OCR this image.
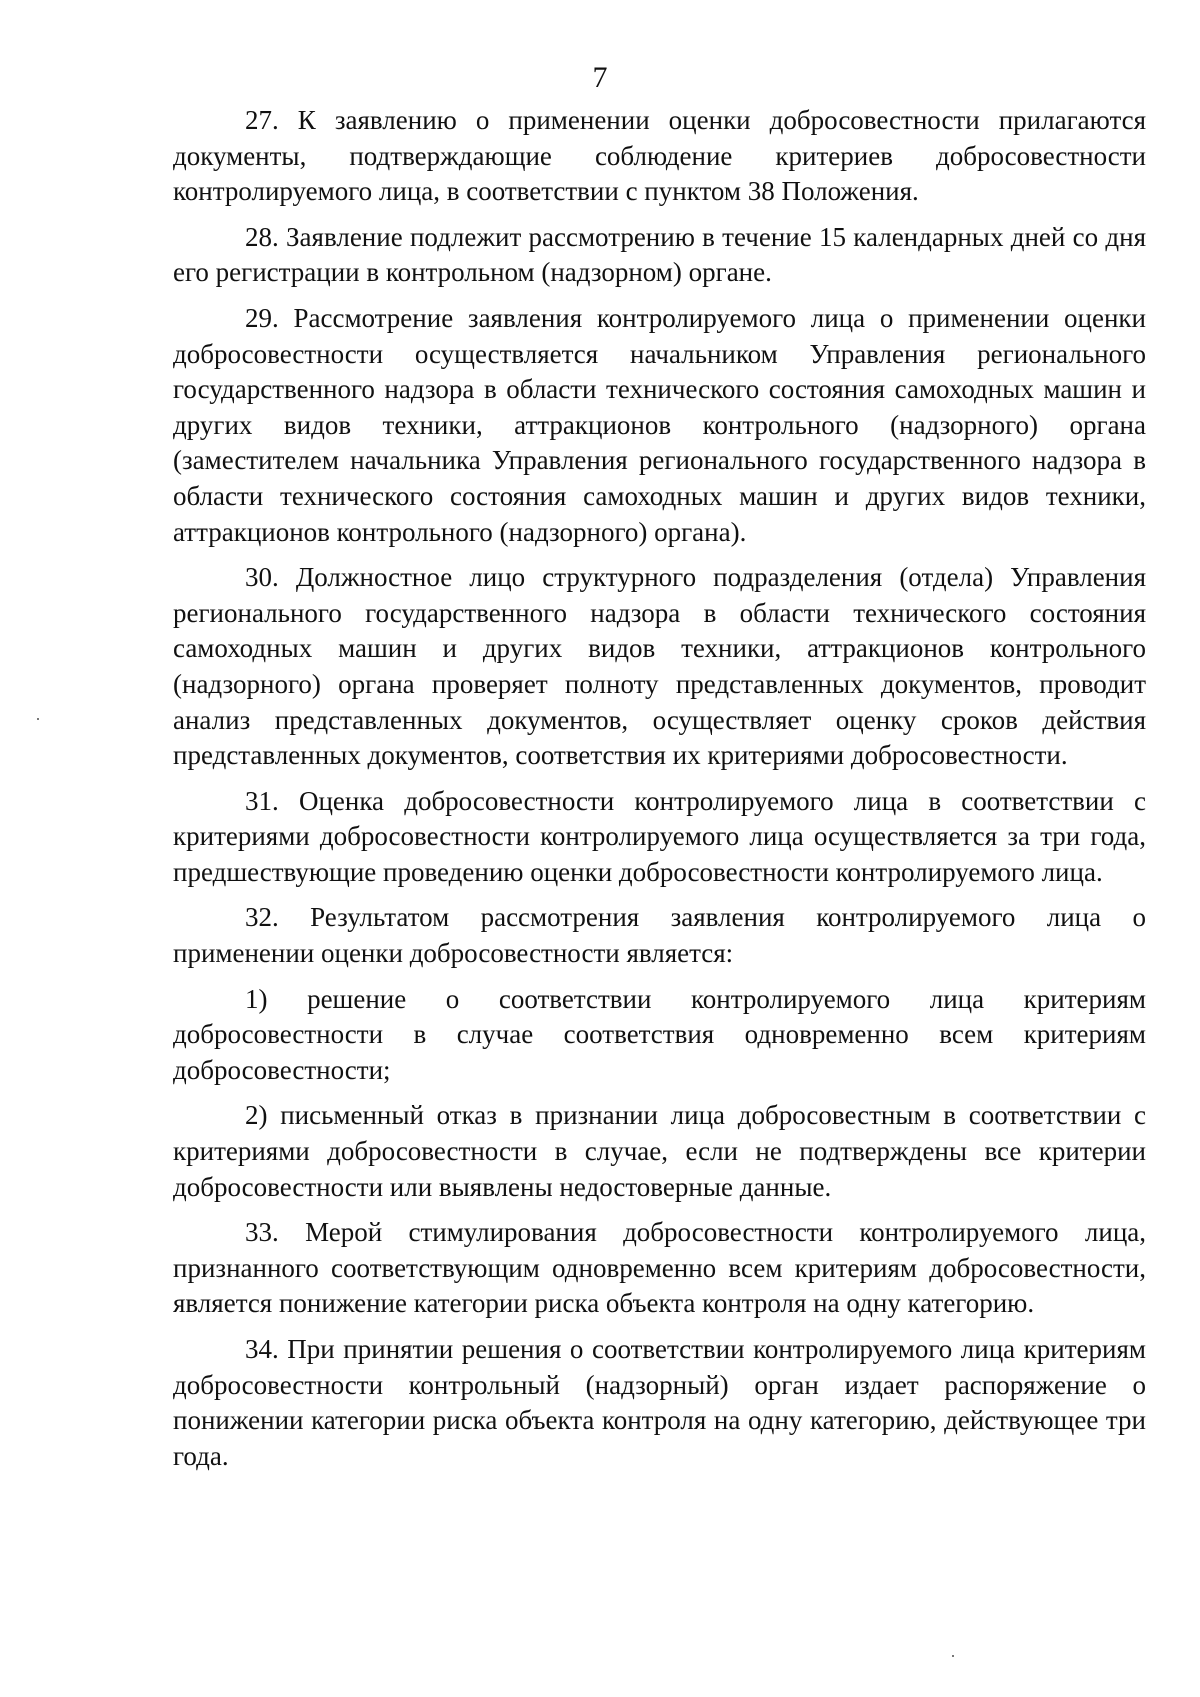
7

27. К заявлению о применении оценки добросовестности прилагаются документы, подтверждающие соблюдение критериев добросовестности контролируемого лица, в соответствии с пунктом 38 Положения.

28. Заявление подлежит рассмотрению в течение 15 календарных дней со дня его регистрации в контрольном (надзорном) органе.

29. Рассмотрение заявления контролируемого лица о применении оценки добросовестности осуществляется начальником Управления регионального государственного надзора в области технического состояния самоходных машин и других видов техники, аттракционов контрольного (надзорного) органа (заместителем начальника Управления регионального государственного надзора в области технического состояния самоходных машин и других видов техники, аттракционов контрольного (надзорного) органа).

30. Должностное лицо структурного подразделения (отдела) Управления регионального государственного надзора в области технического состояния самоходных машин и других видов техники, аттракционов контрольного (надзорного) органа проверяет полноту представленных документов, проводит анализ представленных документов, осуществляет оценку сроков действия представленных документов, соответствия их критериями добросовестности.

31. Оценка добросовестности контролируемого лица в соответствии с критериями добросовестности контролируемого лица осуществляется за три года, предшествующие проведению оценки добросовестности контролируемого лица.

32. Результатом рассмотрения заявления контролируемого лица о применении оценки добросовестности является:

1) решение о соответствии контролируемого лица критериям добросовестности в случае соответствия одновременно всем критериям добросовестности;

2) письменный отказ в признании лица добросовестным в соответствии с критериями добросовестности в случае, если не подтверждены все критерии добросовестности или выявлены недостоверные данные.

33. Мерой стимулирования добросовестности контролируемого лица, признанного соответствующим одновременно всем критериям добросовестности, является понижение категории риска объекта контроля на одну категорию.

34. При принятии решения о соответствии контролируемого лица критериям добросовестности контрольный (надзорный) орган издает распоряжение о понижении категории риска объекта контроля на одну категорию, действующее три года.
